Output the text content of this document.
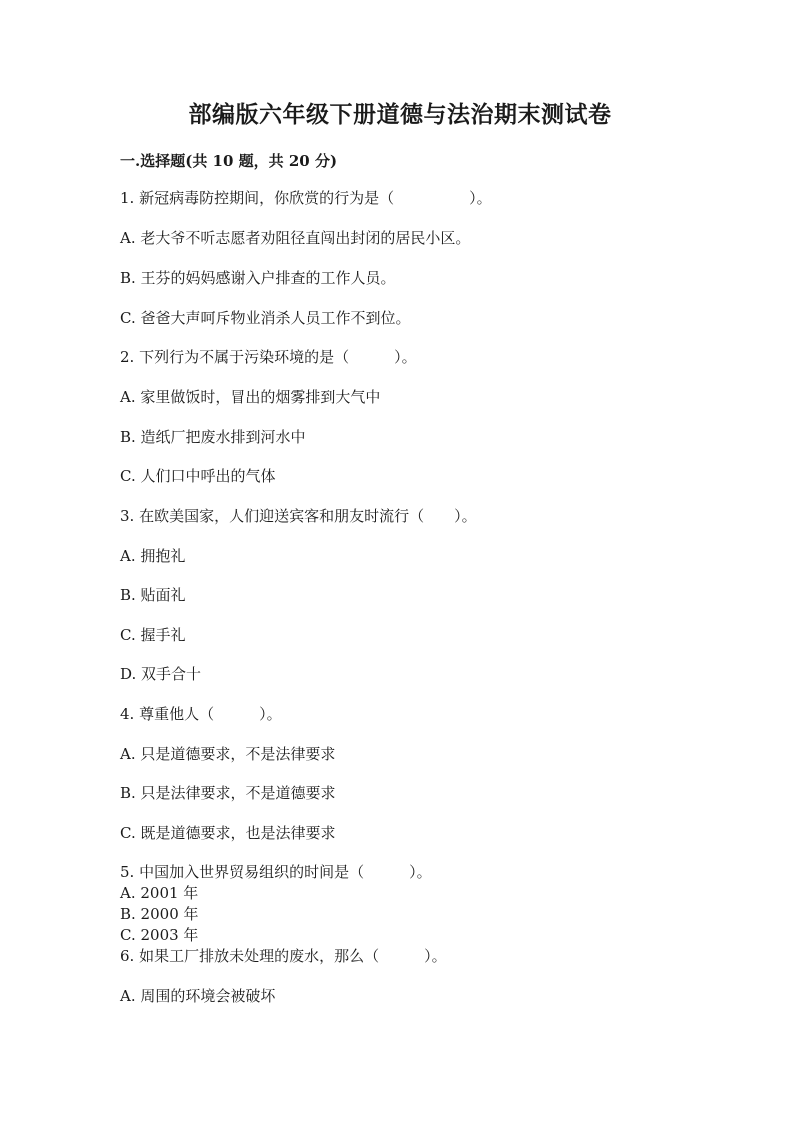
部编版六年级下册道德与法治期末测试卷
一.选择题(共 10 题，共 20 分)
1. 新冠病毒防控期间，你欣赏的行为是（　　　　　）。
A. 老大爷不听志愿者劝阻径直闯出封闭的居民小区。
B. 王芬的妈妈感谢入户排查的工作人员。
C. 爸爸大声呵斥物业消杀人员工作不到位。
2. 下列行为不属于污染环境的是（　　　）。
A. 家里做饭时，冒出的烟雾排到大气中
B. 造纸厂把废水排到河水中
C. 人们口中呼出的气体
3. 在欧美国家，人们迎送宾客和朋友时流行（　　）。
A. 拥抱礼
B. 贴面礼
C. 握手礼
D. 双手合十
4. 尊重他人（　　　）。
A. 只是道德要求，不是法律要求
B. 只是法律要求，不是道德要求
C. 既是道德要求，也是法律要求
5. 中国加入世界贸易组织的时间是（　　　）。
A. 2001 年
B. 2000 年
C. 2003 年
6. 如果工厂排放未处理的废水，那么（　　　）。
A. 周围的环境会被破坏
